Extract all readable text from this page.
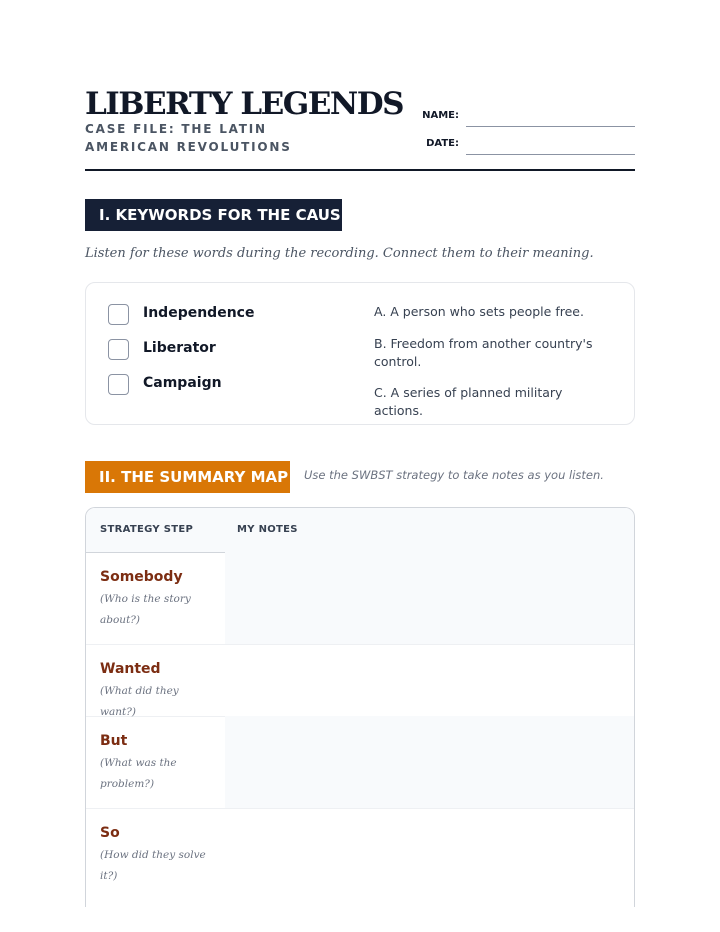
LIBERTY LEGENDS
CASE FILE: THE LATIN AMERICAN REVOLUTIONS
NAME:
DATE:
I. KEYWORDS FOR THE CAUSE
Listen for these words during the recording. Connect them to their meaning.
Independence
Liberator
Campaign
A. A person who sets people free.
B. Freedom from another country's control.
C. A series of planned military actions.
II. THE SUMMARY MAP Use the SWBST strategy to take notes as you listen.
STRATEGY STEP	MY NOTES
Somebody
(Who is the story about?)
Wanted
(What did they want?)
But
(What was the problem?)
So
(How did they solve it?)
